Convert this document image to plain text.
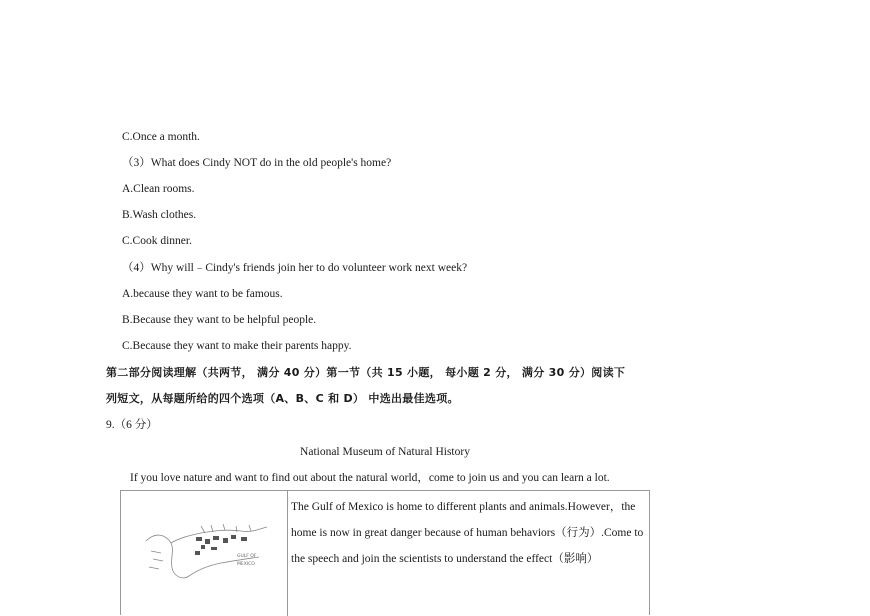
C.Once a month.
（3）What does Cindy NOT do in the old people's home?
A.Clean rooms.
B.Wash clothes.
C.Cook dinner.
（4）Why will﹣Cindy's friends join her to do volunteer work next week?
A.because they want to be famous.
B.Because they want to be helpful people.
C.Because they want to make their parents happy.
第二部分阅读理解（共两节， 满分 40 分）第一节（共 15 小题， 每小题 2 分， 满分 30 分）阅读下
列短文，从每题所给的四个选项（A、B、C 和 D） 中选出最佳选项。
9.（6 分）
National Museum of Natural History
If you love nature and want to find out about the natural world，come to join us and you can learn a lot.
GULF OF
MEXICO
The Gulf of Mexico is home to different plants and animals.However，the
home is now in great danger because of human behaviors（行为）.Come to
the speech and join the scientists to understand the effect（影响）
